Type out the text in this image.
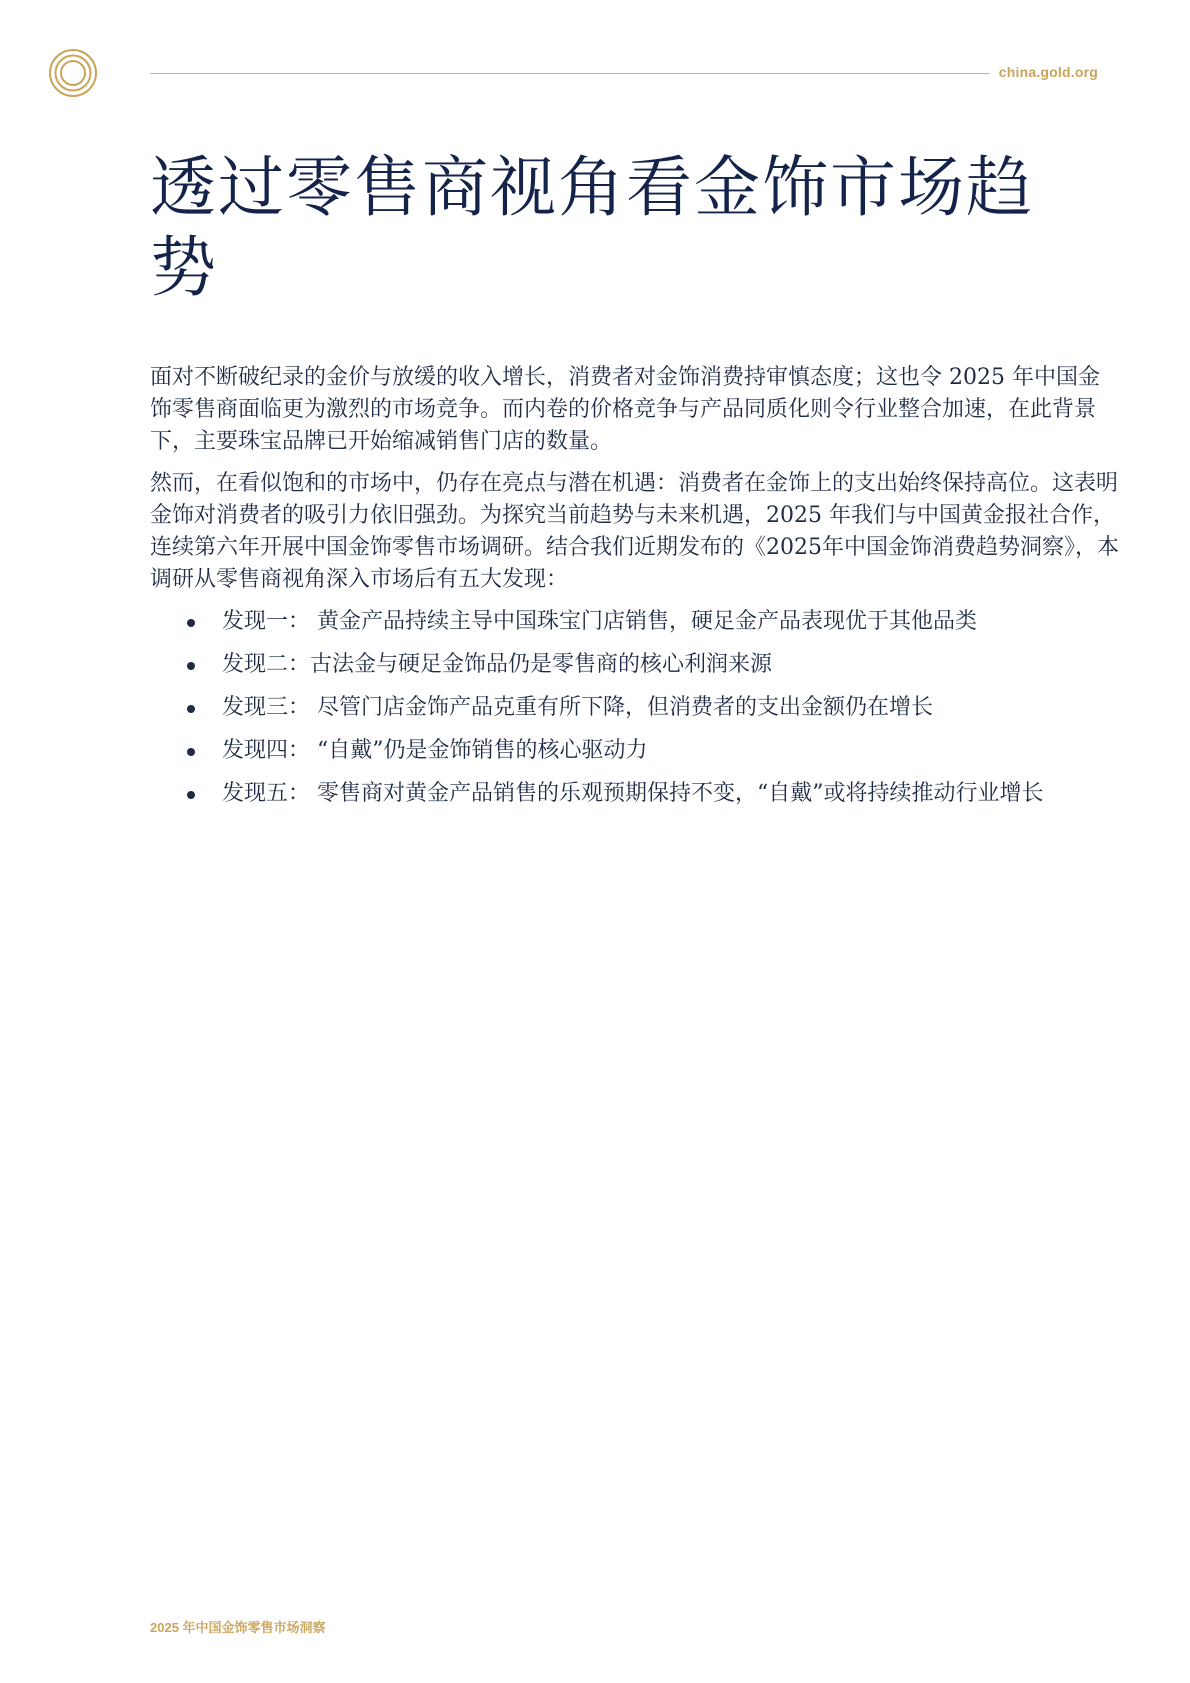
china.gold.org
透过零售商视角看金饰市场趋势

面对不断破纪录的金价与放缓的收入增长，消费者对金饰消费持审慎态度；这也令 2025 年中国金饰零售商面临更为激烈的市场竞争。而内卷的价格竞争与产品同质化则令行业整合加速，在此背景下，主要珠宝品牌已开始缩减销售门店的数量。

然而，在看似饱和的市场中，仍存在亮点与潜在机遇：消费者在金饰上的支出始终保持高位。这表明金饰对消费者的吸引力依旧强劲。为探究当前趋势与未来机遇，2025 年我们与中国黄金报社合作，连续第六年开展中国金饰零售市场调研。结合我们近期发布的《2025年中国金饰消费趋势洞察》，本调研从零售商视角深入市场后有五大发现：

发现一： 黄金产品持续主导中国珠宝门店销售，硬足金产品表现优于其他品类
发现二：古法金与硬足金饰品仍是零售商的核心利润来源
发现三： 尽管门店金饰产品克重有所下降，但消费者的支出金额仍在增长
发现四： “自戴”仍是金饰销售的核心驱动力
发现五： 零售商对黄金产品销售的乐观预期保持不变，“自戴”或将持续推动行业增长
2025 年中国金饰零售市场洞察
